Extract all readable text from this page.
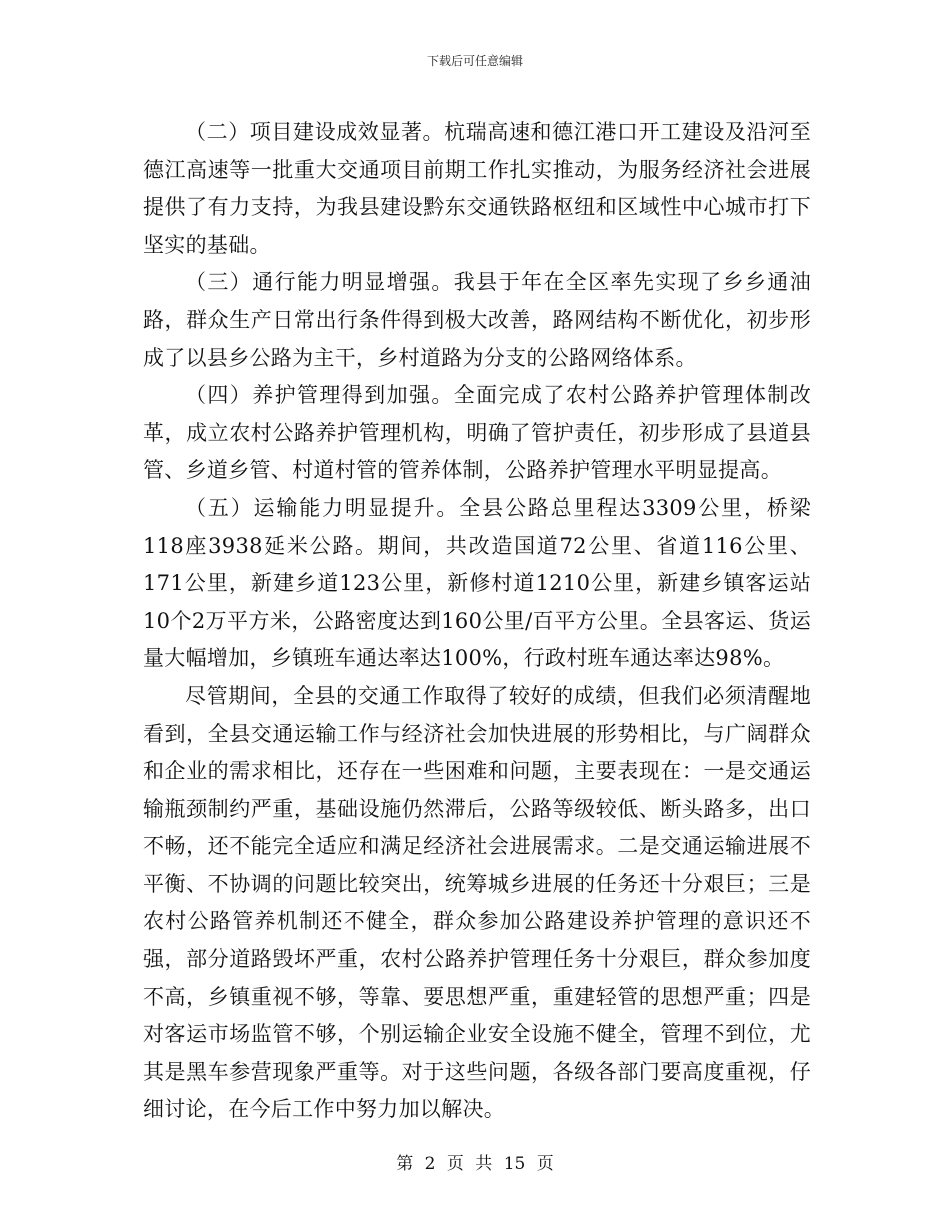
下载后可任意编辑

（二）项目建设成效显著。杭瑞高速和德江港口开工建设及沿河至德江高速等一批重大交通项目前期工作扎实推动，为服务经济社会进展提供了有力支持，为我县建设黔东交通铁路枢纽和区域性中心城市打下坚实的基础。

（三）通行能力明显增强。我县于年在全区率先实现了乡乡通油路，群众生产日常出行条件得到极大改善，路网结构不断优化，初步形成了以县乡公路为主干，乡村道路为分支的公路网络体系。

（四）养护管理得到加强。全面完成了农村公路养护管理体制改革，成立农村公路养护管理机构，明确了管护责任，初步形成了县道县管、乡道乡管、村道村管的管养体制，公路养护管理水平明显提高。

（五）运输能力明显提升。全县公路总里程达3309公里，桥梁118座3938延米公路。期间，共改造国道72公里、省道116公里、171公里，新建乡道123公里，新修村道1210公里，新建乡镇客运站10个2万平方米，公路密度达到160公里/百平方公里。全县客运、货运量大幅增加，乡镇班车通达率达100%，行政村班车通达率达98%。

尽管期间，全县的交通工作取得了较好的成绩，但我们必须清醒地看到，全县交通运输工作与经济社会加快进展的形势相比，与广阔群众和企业的需求相比，还存在一些困难和问题，主要表现在：一是交通运输瓶颈制约严重，基础设施仍然滞后，公路等级较低、断头路多，出口不畅，还不能完全适应和满足经济社会进展需求。二是交通运输进展不平衡、不协调的问题比较突出，统筹城乡进展的任务还十分艰巨；三是农村公路管养机制还不健全，群众参加公路建设养护管理的意识还不强，部分道路毁坏严重，农村公路养护管理任务十分艰巨，群众参加度不高，乡镇重视不够，等靠、要思想严重，重建轻管的思想严重；四是对客运市场监管不够，个别运输企业安全设施不健全，管理不到位，尤其是黑车参营现象严重等。对于这些问题，各级各部门要高度重视，仔细讨论，在今后工作中努力加以解决。

第 2 页 共 15 页
